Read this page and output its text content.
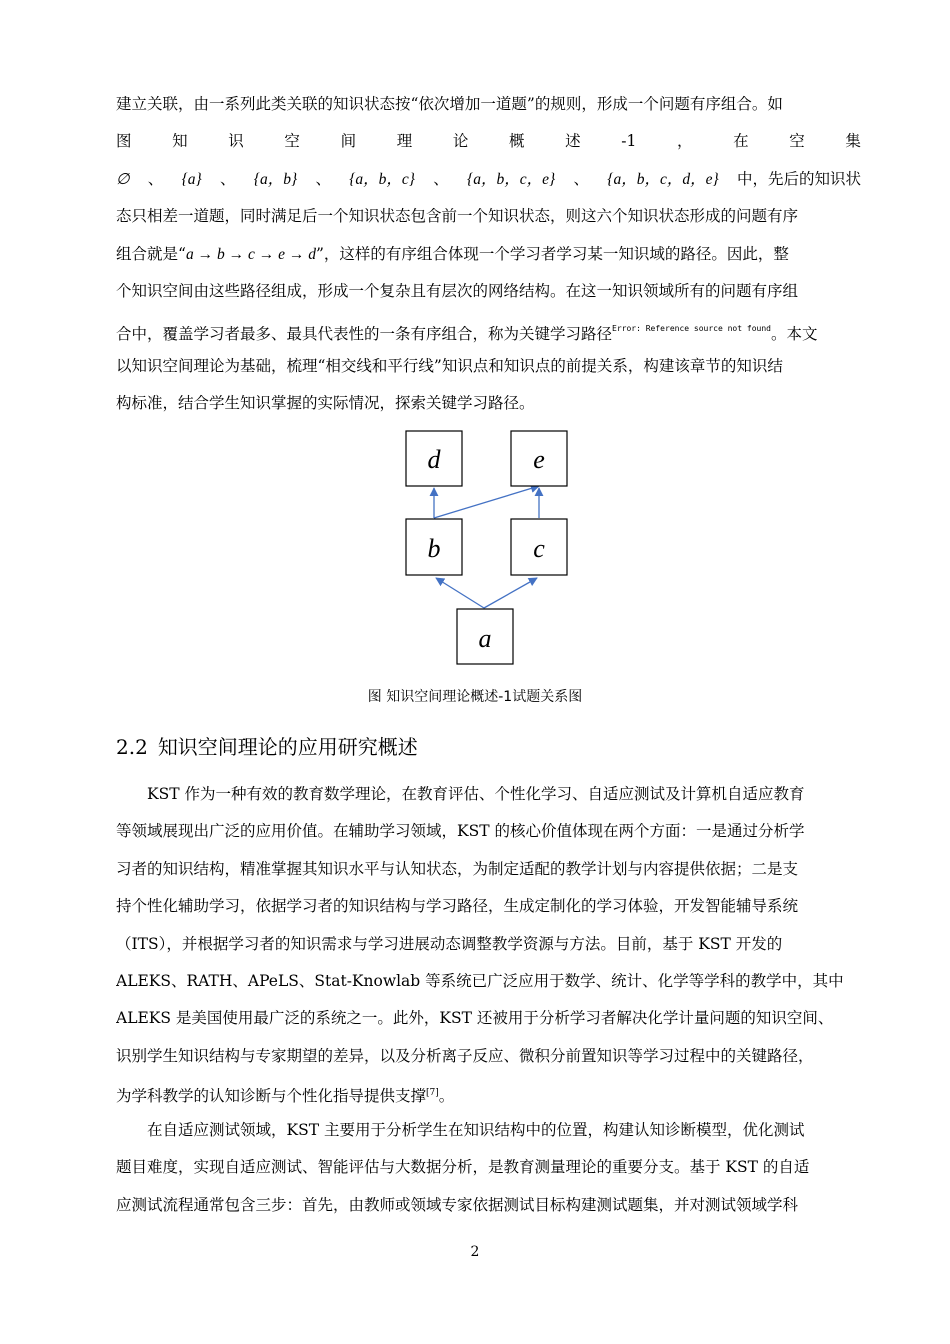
建立关联，由一系列此类关联的知识状态按“依次增加一道题”的规则，形成一个问题有序组合。如
图	知	识	空	间	理	论	概	述	-1	，	在	空	集
∅ 、 {a} 、 {a，b} 、 {a，b，c} 、 {a，b，c，e} 、 {a，b，c，d，e} 中，先后的知识状
态只相差一道题，同时满足后一个知识状态包含前一个知识状态，则这六个知识状态形成的问题有序
组合就是“a → b → c → e → d”，这样的有序组合体现一个学习者学习某一知识域的路径。因此，整
个知识空间由这些路径组成，形成一个复杂且有层次的网络结构。在这一知识领域所有的问题有序组
合中，覆盖学习者最多、最具代表性的一条有序组合，称为关键学习路径$^{Error: Reference source not found}$。本文
以知识空间理论为基础，梳理“相交线和平行线”知识点和知识点的前提关系，构建该章节的知识结
构标准，结合学生知识掌握的实际情况，探索关键学习路径。
d	e
b	c
a
图 知识空间理论概述-1试题关系图
2.2 知识空间理论的应用研究概述
KST 作为一种有效的教育数学理论，在教育评估、个性化学习、自适应测试及计算机自适应教育
等领域展现出广泛的应用价值。在辅助学习领域，KST 的核心价值体现在两个方面：一是通过分析学
习者的知识结构，精准掌握其知识水平与认知状态，为制定适配的教学计划与内容提供依据；二是支
持个性化辅助学习，依据学习者的知识结构与学习路径，生成定制化的学习体验，开发智能辅导系统
（ITS），并根据学习者的知识需求与学习进展动态调整教学资源与方法。目前，基于 KST 开发的
ALEKS、RATH、APeLS、Stat-Knowlab 等系统已广泛应用于数学、统计、化学等学科的教学中，其中
ALEKS 是美国使用最广泛的系统之一。此外，KST 还被用于分析学习者解决化学计量问题的知识空间、
识别学生知识结构与专家期望的差异，以及分析离子反应、微积分前置知识等学习过程中的关键路径，
为学科教学的认知诊断与个性化指导提供支撑[7]。
在自适应测试领域，KST 主要用于分析学生在知识结构中的位置，构建认知诊断模型，优化测试
题目难度，实现自适应测试、智能评估与大数据分析，是教育测量理论的重要分支。基于 KST 的自适
应测试流程通常包含三步：首先，由教师或领域专家依据测试目标构建测试题集，并对测试领域学科
2
